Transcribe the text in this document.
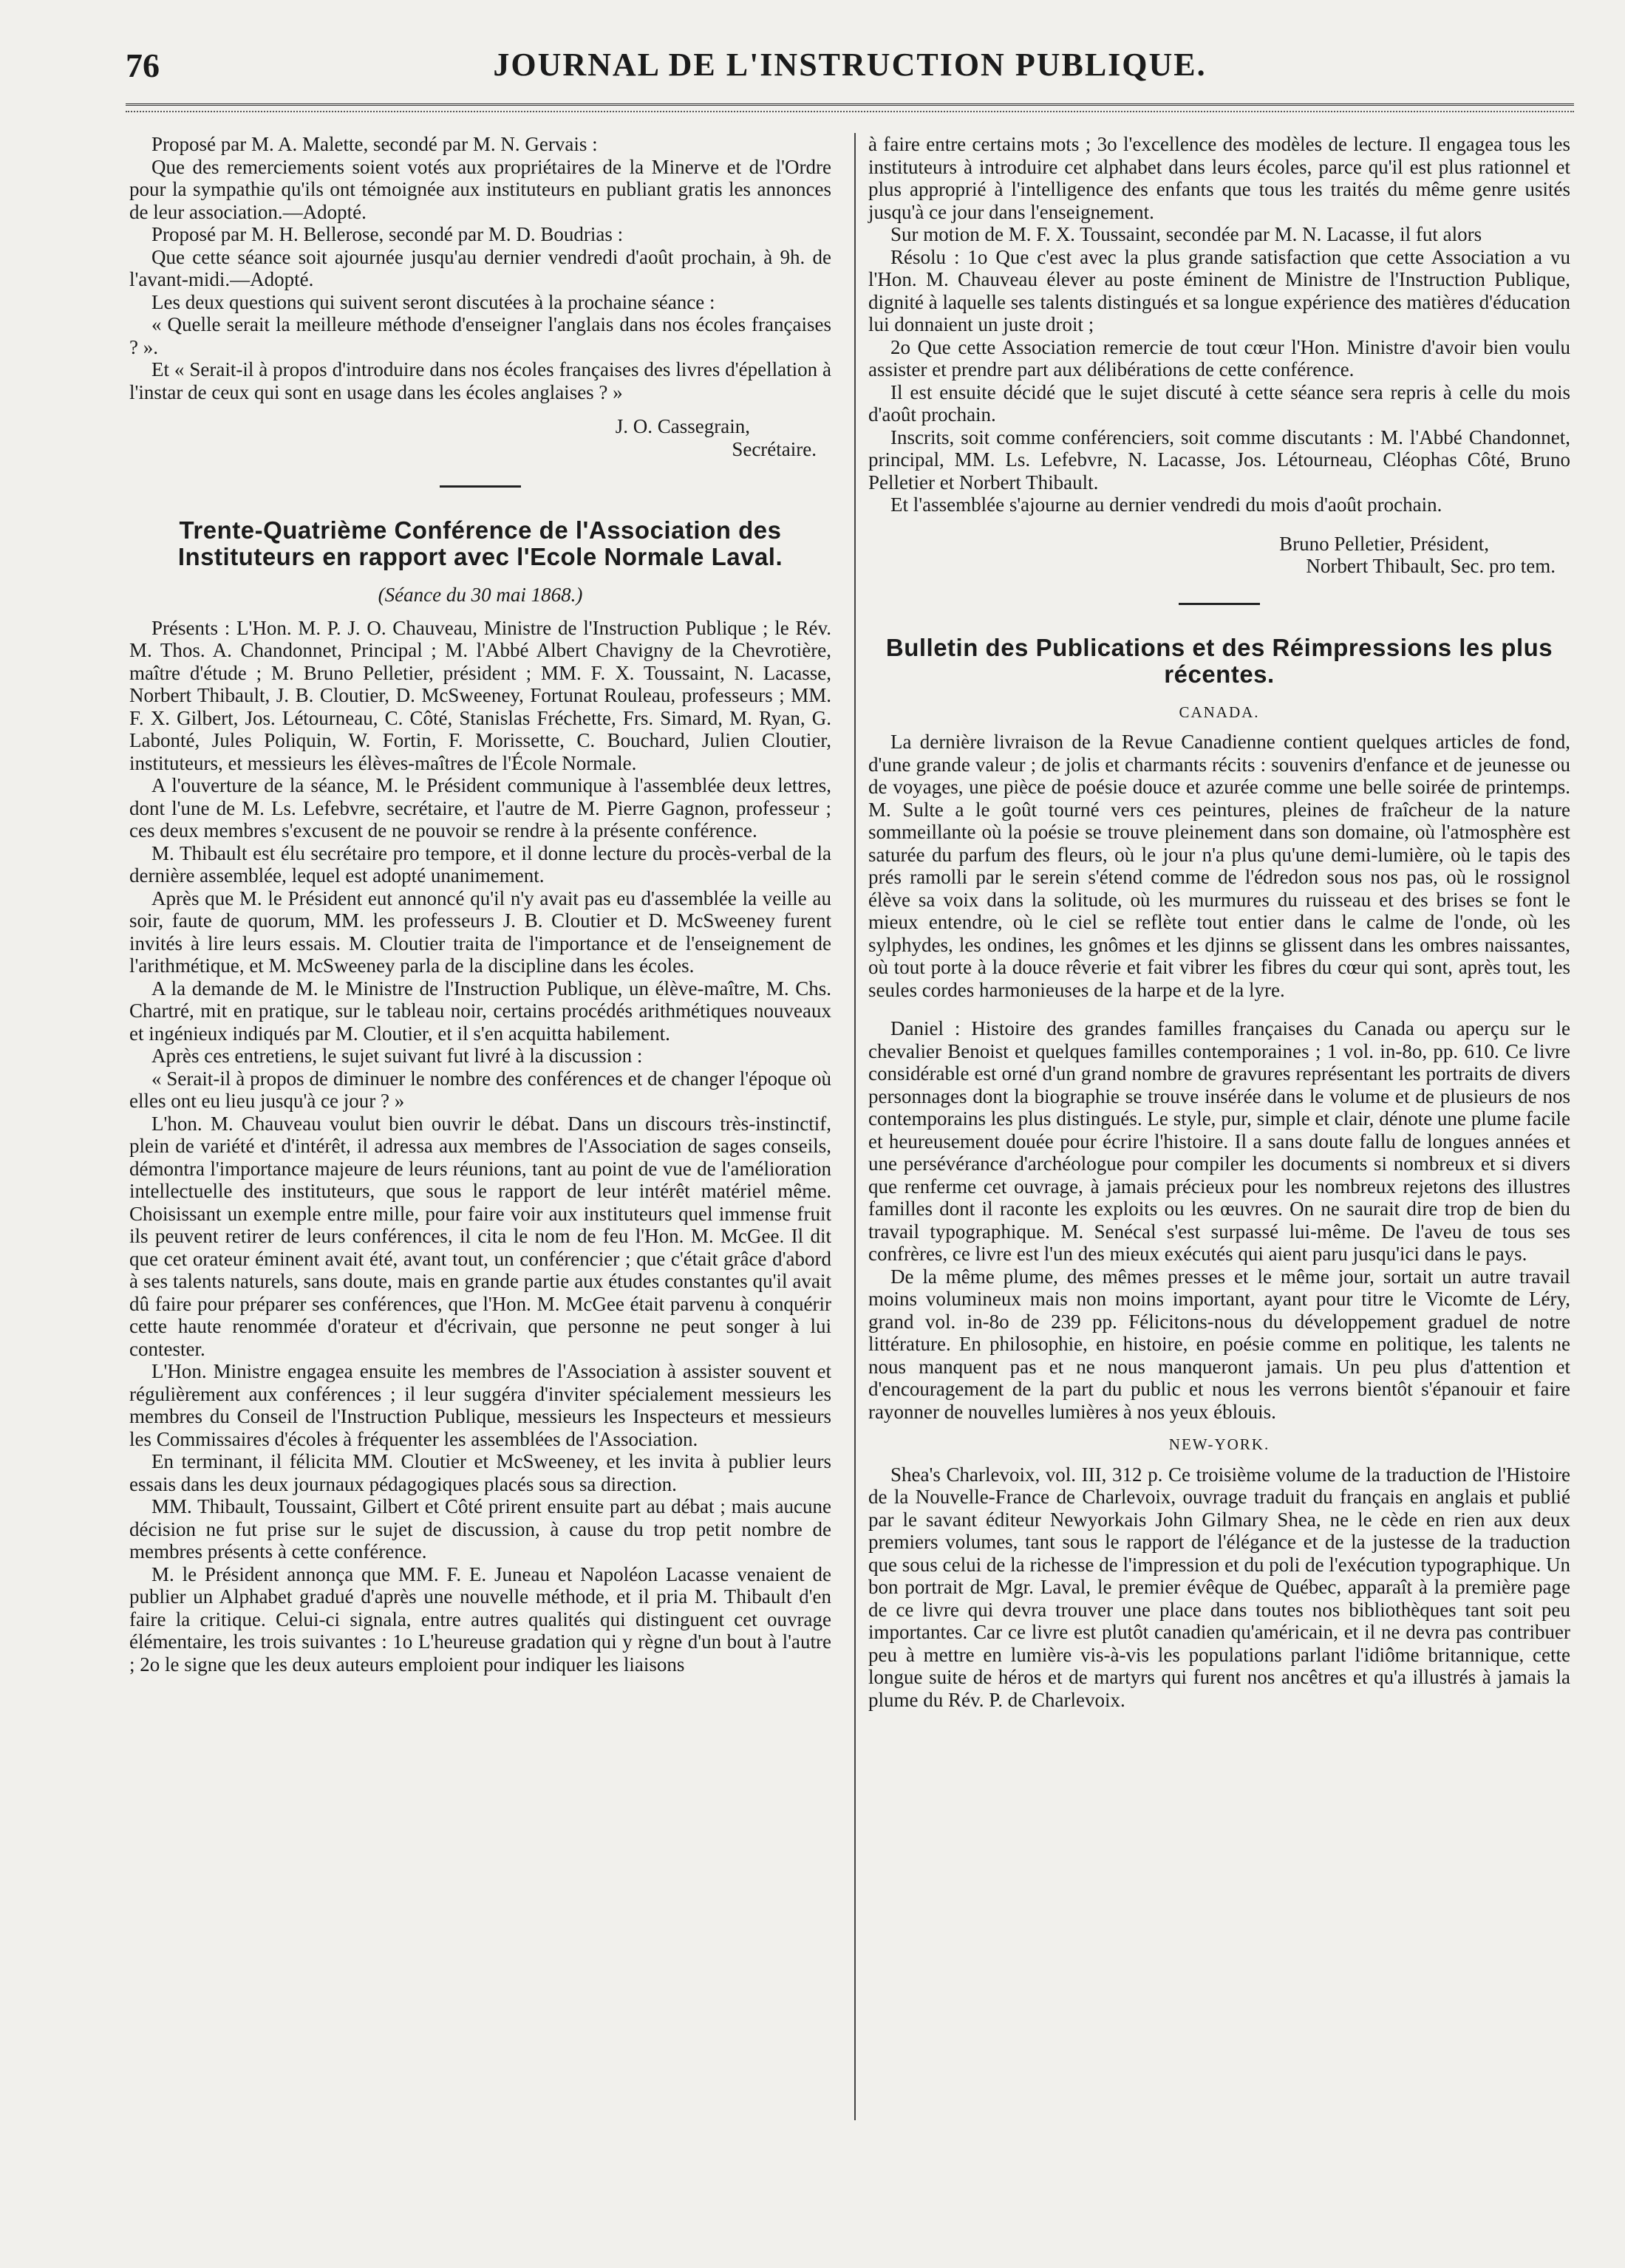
76	JOURNAL DE L'INSTRUCTION PUBLIQUE.

Proposé par M. A. Malette, secondé par M. N. Gervais :

Que des remerciements soient votés aux propriétaires de la Minerve et de l'Ordre pour la sympathie qu'ils ont témoignée aux instituteurs en publiant gratis les annonces de leur association.—Adopté.

Proposé par M. H. Bellerose, secondé par M. D. Boudrias :

Que cette séance soit ajournée jusqu'au dernier vendredi d'août prochain, à 9h. de l'avant-midi.—Adopté.

Les deux questions qui suivent seront discutées à la prochaine séance :

« Quelle serait la meilleure méthode d'enseigner l'anglais dans nos écoles françaises ? ».

Et « Serait-il à propos d'introduire dans nos écoles françaises des livres d'épellation à l'instar de ceux qui sont en usage dans les écoles anglaises ? »

J. O. Cassegrain,

Secrétaire.

Trente-Quatrième Conférence de l'Association des Instituteurs en rapport avec l'Ecole Normale Laval.

(Séance du 30 mai 1868.)

Présents : L'Hon. M. P. J. O. Chauveau, Ministre de l'Instruction Publique ; le Rév. M. Thos. A. Chandonnet, Principal ; M. l'Abbé Albert Chavigny de la Chevrotière, maître d'étude ; M. Bruno Pelletier, président ; MM. F. X. Toussaint, N. Lacasse, Norbert Thibault, J. B. Cloutier, D. McSweeney, Fortunat Rouleau, professeurs ; MM. F. X. Gilbert, Jos. Létourneau, C. Côté, Stanislas Fréchette, Frs. Simard, M. Ryan, G. Labonté, Jules Poliquin, W. Fortin, F. Morissette, C. Bouchard, Julien Cloutier, instituteurs, et messieurs les élèves-maîtres de l'École Normale.

A l'ouverture de la séance, M. le Président communique à l'assemblée deux lettres, dont l'une de M. Ls. Lefebvre, secrétaire, et l'autre de M. Pierre Gagnon, professeur ; ces deux membres s'excusent de ne pouvoir se rendre à la présente conférence.

M. Thibault est élu secrétaire pro tempore, et il donne lecture du procès-verbal de la dernière assemblée, lequel est adopté unanimement.

Après que M. le Président eut annoncé qu'il n'y avait pas eu d'assemblée la veille au soir, faute de quorum, MM. les professeurs J. B. Cloutier et D. McSweeney furent invités à lire leurs essais. M. Cloutier traita de l'importance et de l'enseignement de l'arithmétique, et M. McSweeney parla de la discipline dans les écoles.

A la demande de M. le Ministre de l'Instruction Publique, un élève-maître, M. Chs. Chartré, mit en pratique, sur le tableau noir, certains procédés arithmétiques nouveaux et ingénieux indiqués par M. Cloutier, et il s'en acquitta habilement.

Après ces entretiens, le sujet suivant fut livré à la discussion :

« Serait-il à propos de diminuer le nombre des conférences et de changer l'époque où elles ont eu lieu jusqu'à ce jour ? »

L'hon. M. Chauveau voulut bien ouvrir le débat. Dans un discours très-instinctif, plein de variété et d'intérêt, il adressa aux membres de l'Association de sages conseils, démontra l'importance majeure de leurs réunions, tant au point de vue de l'amélioration intellectuelle des instituteurs, que sous le rapport de leur intérêt matériel même. Choisissant un exemple entre mille, pour faire voir aux instituteurs quel immense fruit ils peuvent retirer de leurs conférences, il cita le nom de feu l'Hon. M. McGee. Il dit que cet orateur éminent avait été, avant tout, un conférencier ; que c'était grâce d'abord à ses talents naturels, sans doute, mais en grande partie aux études constantes qu'il avait dû faire pour préparer ses conférences, que l'Hon. M. McGee était parvenu à conquérir cette haute renommée d'orateur et d'écrivain, que personne ne peut songer à lui contester.

L'Hon. Ministre engagea ensuite les membres de l'Association à assister souvent et régulièrement aux conférences ; il leur suggéra d'inviter spécialement messieurs les membres du Conseil de l'Instruction Publique, messieurs les Inspecteurs et messieurs les Commissaires d'écoles à fréquenter les assemblées de l'Association.

En terminant, il félicita MM. Cloutier et McSweeney, et les invita à publier leurs essais dans les deux journaux pédagogiques placés sous sa direction.

MM. Thibault, Toussaint, Gilbert et Côté prirent ensuite part au débat ; mais aucune décision ne fut prise sur le sujet de discussion, à cause du trop petit nombre de membres présents à cette conférence.

M. le Président annonça que MM. F. E. Juneau et Napoléon Lacasse venaient de publier un Alphabet gradué d'après une nouvelle méthode, et il pria M. Thibault d'en faire la critique. Celui-ci signala, entre autres qualités qui distinguent cet ouvrage élémentaire, les trois suivantes : 1o L'heureuse gradation qui y règne d'un bout à l'autre ; 2o le signe que les deux auteurs emploient pour indiquer les liaisons

à faire entre certains mots ; 3o l'excellence des modèles de lecture. Il engagea tous les instituteurs à introduire cet alphabet dans leurs écoles, parce qu'il est plus rationnel et plus approprié à l'intelligence des enfants que tous les traités du même genre usités jusqu'à ce jour dans l'enseignement.

Sur motion de M. F. X. Toussaint, secondée par M. N. Lacasse, il fut alors

Résolu : 1o Que c'est avec la plus grande satisfaction que cette Association a vu l'Hon. M. Chauveau élever au poste éminent de Ministre de l'Instruction Publique, dignité à laquelle ses talents distingués et sa longue expérience des matières d'éducation lui donnaient un juste droit ;

2o Que cette Association remercie de tout cœur l'Hon. Ministre d'avoir bien voulu assister et prendre part aux délibérations de cette conférence.

Il est ensuite décidé que le sujet discuté à cette séance sera repris à celle du mois d'août prochain.

Inscrits, soit comme conférenciers, soit comme discutants : M. l'Abbé Chandonnet, principal, MM. Ls. Lefebvre, N. Lacasse, Jos. Létourneau, Cléophas Côté, Bruno Pelletier et Norbert Thibault.

Et l'assemblée s'ajourne au dernier vendredi du mois d'août prochain.

Bruno Pelletier, Président,

Norbert Thibault, Sec. pro tem.

Bulletin des Publications et des Réimpressions les plus récentes.

CANADA.

La dernière livraison de la Revue Canadienne contient quelques articles de fond, d'une grande valeur ; de jolis et charmants récits : souvenirs d'enfance et de jeunesse ou de voyages, une pièce de poésie douce et azurée comme une belle soirée de printemps. M. Sulte a le goût tourné vers ces peintures, pleines de fraîcheur de la nature sommeillante où la poésie se trouve pleinement dans son domaine, où l'atmosphère est saturée du parfum des fleurs, où le jour n'a plus qu'une demi-lumière, où le tapis des prés ramolli par le serein s'étend comme de l'édredon sous nos pas, où le rossignol élève sa voix dans la solitude, où les murmures du ruisseau et des brises se font le mieux entendre, où le ciel se reflète tout entier dans le calme de l'onde, où les sylphydes, les ondines, les gnômes et les djinns se glissent dans les ombres naissantes, où tout porte à la douce rêverie et fait vibrer les fibres du cœur qui sont, après tout, les seules cordes harmonieuses de la harpe et de la lyre.

Daniel : Histoire des grandes familles françaises du Canada ou aperçu sur le chevalier Benoist et quelques familles contemporaines ; 1 vol. in-8o, pp. 610. Ce livre considérable est orné d'un grand nombre de gravures représentant les portraits de divers personnages dont la biographie se trouve insérée dans le volume et de plusieurs de nos contemporains les plus distingués. Le style, pur, simple et clair, dénote une plume facile et heureusement douée pour écrire l'histoire. Il a sans doute fallu de longues années et une persévérance d'archéologue pour compiler les documents si nombreux et si divers que renferme cet ouvrage, à jamais précieux pour les nombreux rejetons des illustres familles dont il raconte les exploits ou les œuvres. On ne saurait dire trop de bien du travail typographique. M. Senécal s'est surpassé lui-même. De l'aveu de tous ses confrères, ce livre est l'un des mieux exécutés qui aient paru jusqu'ici dans le pays.

De la même plume, des mêmes presses et le même jour, sortait un autre travail moins volumineux mais non moins important, ayant pour titre le Vicomte de Léry, grand vol. in-8o de 239 pp. Félicitons-nous du développement graduel de notre littérature. En philosophie, en histoire, en poésie comme en politique, les talents ne nous manquent pas et ne nous manqueront jamais. Un peu plus d'attention et d'encouragement de la part du public et nous les verrons bientôt s'épanouir et faire rayonner de nouvelles lumières à nos yeux éblouis.

NEW-YORK.

Shea's Charlevoix, vol. III, 312 p. Ce troisième volume de la traduction de l'Histoire de la Nouvelle-France de Charlevoix, ouvrage traduit du français en anglais et publié par le savant éditeur Newyorkais John Gilmary Shea, ne le cède en rien aux deux premiers volumes, tant sous le rapport de l'élégance et de la justesse de la traduction que sous celui de la richesse de l'impression et du poli de l'exécution typographique. Un bon portrait de Mgr. Laval, le premier évêque de Québec, apparaît à la première page de ce livre qui devra trouver une place dans toutes nos bibliothèques tant soit peu importantes. Car ce livre est plutôt canadien qu'américain, et il ne devra pas contribuer peu à mettre en lumière vis-à-vis les populations parlant l'idiôme britannique, cette longue suite de héros et de martyrs qui furent nos ancêtres et qu'a illustrés à jamais la plume du Rév. P. de Charlevoix.
